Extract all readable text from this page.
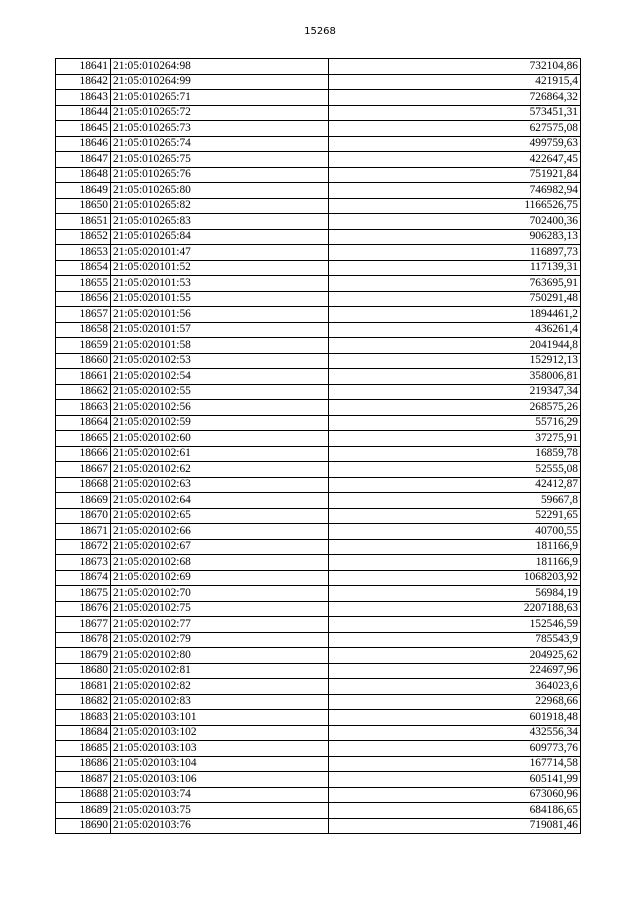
15268
18641	21:05:010264:98	732104,86
18642	21:05:010264:99	421915,4
18643	21:05:010265:71	726864,32
18644	21:05:010265:72	573451,31
18645	21:05:010265:73	627575,08
18646	21:05:010265:74	499759,63
18647	21:05:010265:75	422647,45
18648	21:05:010265:76	751921,84
18649	21:05:010265:80	746982,94
18650	21:05:010265:82	1166526,75
18651	21:05:010265:83	702400,36
18652	21:05:010265:84	906283,13
18653	21:05:020101:47	116897,73
18654	21:05:020101:52	117139,31
18655	21:05:020101:53	763695,91
18656	21:05:020101:55	750291,48
18657	21:05:020101:56	1894461,2
18658	21:05:020101:57	436261,4
18659	21:05:020101:58	2041944,8
18660	21:05:020102:53	152912,13
18661	21:05:020102:54	358006,81
18662	21:05:020102:55	219347,34
18663	21:05:020102:56	268575,26
18664	21:05:020102:59	55716,29
18665	21:05:020102:60	37275,91
18666	21:05:020102:61	16859,78
18667	21:05:020102:62	52555,08
18668	21:05:020102:63	42412,87
18669	21:05:020102:64	59667,8
18670	21:05:020102:65	52291,65
18671	21:05:020102:66	40700,55
18672	21:05:020102:67	181166,9
18673	21:05:020102:68	181166,9
18674	21:05:020102:69	1068203,92
18675	21:05:020102:70	56984,19
18676	21:05:020102:75	2207188,63
18677	21:05:020102:77	152546,59
18678	21:05:020102:79	785543,9
18679	21:05:020102:80	204925,62
18680	21:05:020102:81	224697,96
18681	21:05:020102:82	364023,6
18682	21:05:020102:83	22968,66
18683	21:05:020103:101	601918,48
18684	21:05:020103:102	432556,34
18685	21:05:020103:103	609773,76
18686	21:05:020103:104	167714,58
18687	21:05:020103:106	605141,99
18688	21:05:020103:74	673060,96
18689	21:05:020103:75	684186,65
18690	21:05:020103:76	719081,46
